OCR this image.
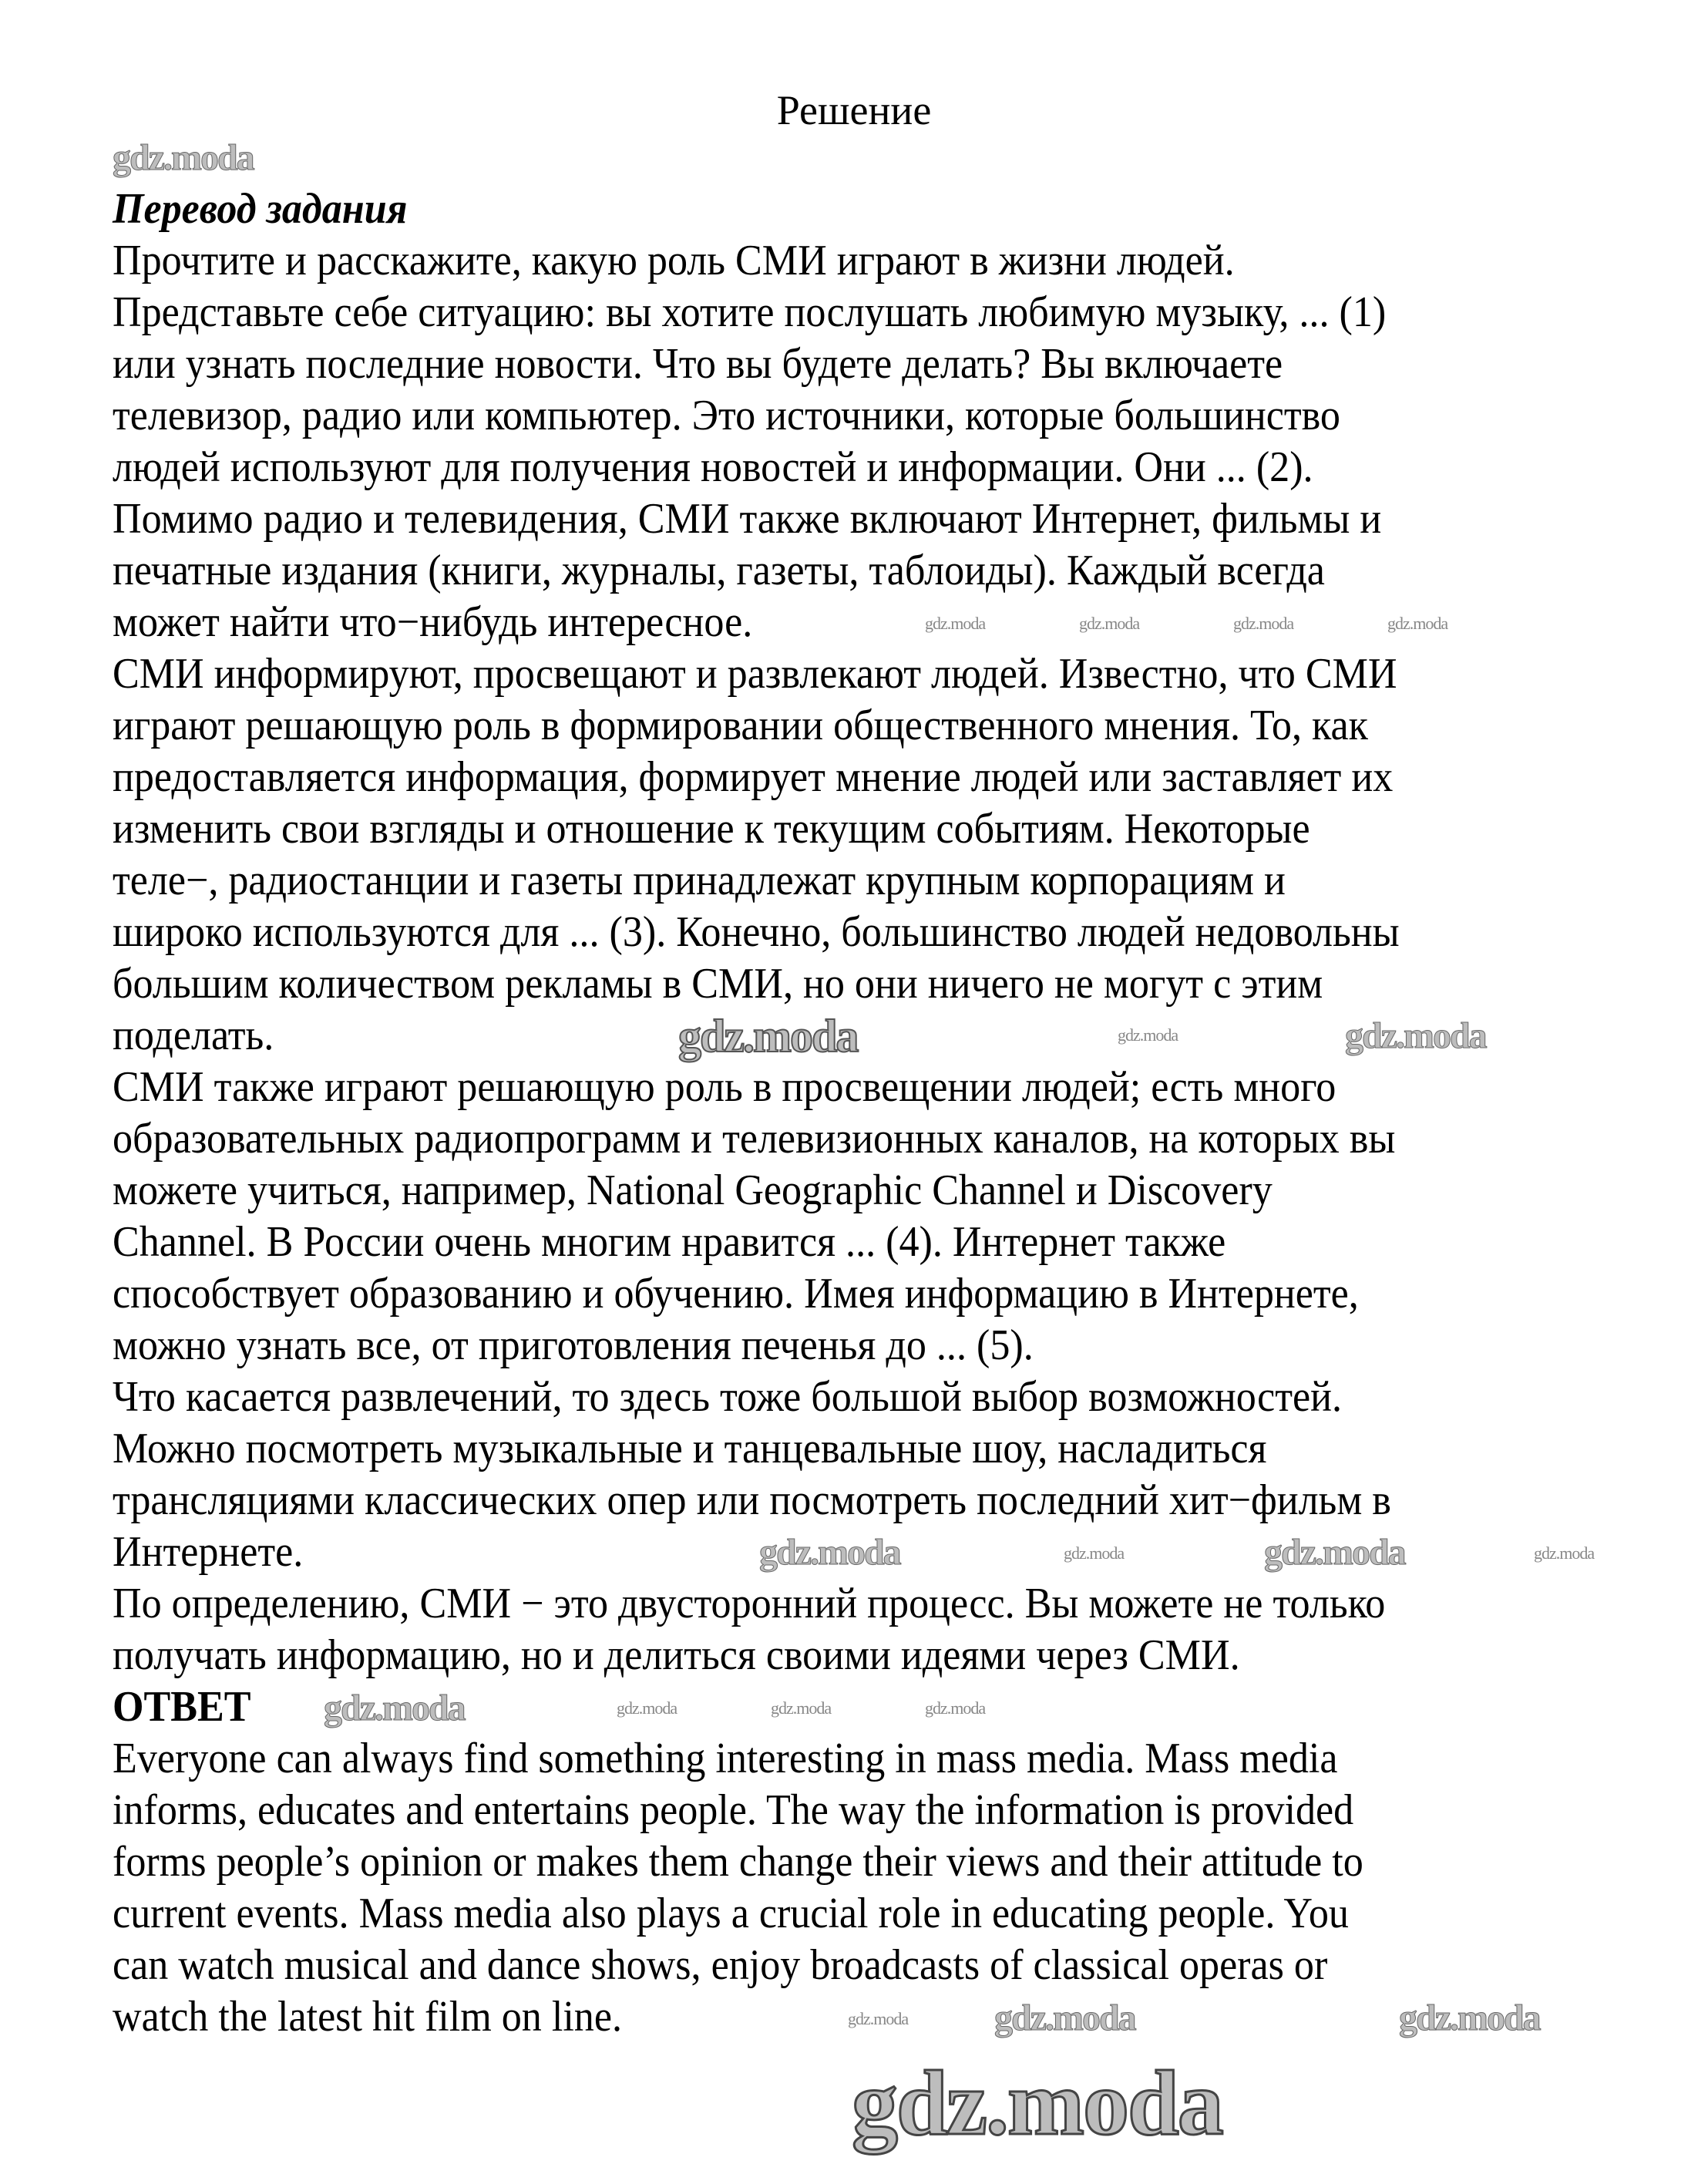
Решение
Перевод задания
Прочтите и расскажите, какую роль СМИ играют в жизни людей.
Представьте себе ситуацию: вы хотите послушать любимую музыку, ... (1)
или узнать последние новости. Что вы будете делать? Вы включаете
телевизор, радио или компьютер. Это источники, которые большинство
людей используют для получения новостей и информации. Они ... (2).
Помимо радио и телевидения, СМИ также включают Интернет, фильмы и
печатные издания (книги, журналы, газеты, таблоиды). Каждый всегда
может найти что−нибудь интересное.
СМИ информируют, просвещают и развлекают людей. Известно, что СМИ
играют решающую роль в формировании общественного мнения. То, как
предоставляется информация, формирует мнение людей или заставляет их
изменить свои взгляды и отношение к текущим событиям. Некоторые
теле−, радиостанции и газеты принадлежат крупным корпорациям и
широко используются для ... (3). Конечно, большинство людей недовольны
большим количеством рекламы в СМИ, но они ничего не могут с этим
поделать.
СМИ также играют решающую роль в просвещении людей; есть много
образовательных радиопрограмм и телевизионных каналов, на которых вы
можете учиться, например, National Geographic Channel и Discovery
Channel. В России очень многим нравится ... (4). Интернет также
способствует образованию и обучению. Имея информацию в Интернете,
можно узнать все, от приготовления печенья до ... (5).
Что касается развлечений, то здесь тоже большой выбор возможностей.
Можно посмотреть музыкальные и танцевальные шоу, насладиться
трансляциями классических опер или посмотреть последний хит−фильм в
Интернете.
По определению, СМИ − это двусторонний процесс. Вы можете не только
получать информацию, но и делиться своими идеями через СМИ.
ОТВЕТ
Everyone can always find something interesting in mass media. Mass media
informs, educates and entertains people. The way the information is provided
forms people’s opinion or makes them change their views and their attitude to
current events. Mass media also plays a crucial role in educating people. You
can watch musical and dance shows, enjoy broadcasts of classical operas or
watch the latest hit film on line.
gdz.moda
gdz.moda	gdz.moda	gdz.moda	gdz.moda
gdz.moda	gdz.moda	gdz.moda
gdz.moda	gdz.moda	gdz.moda	gdz.moda
gdz.moda	gdz.moda	gdz.moda	gdz.moda
gdz.moda gdz.moda	gdz.moda
gdz.moda
